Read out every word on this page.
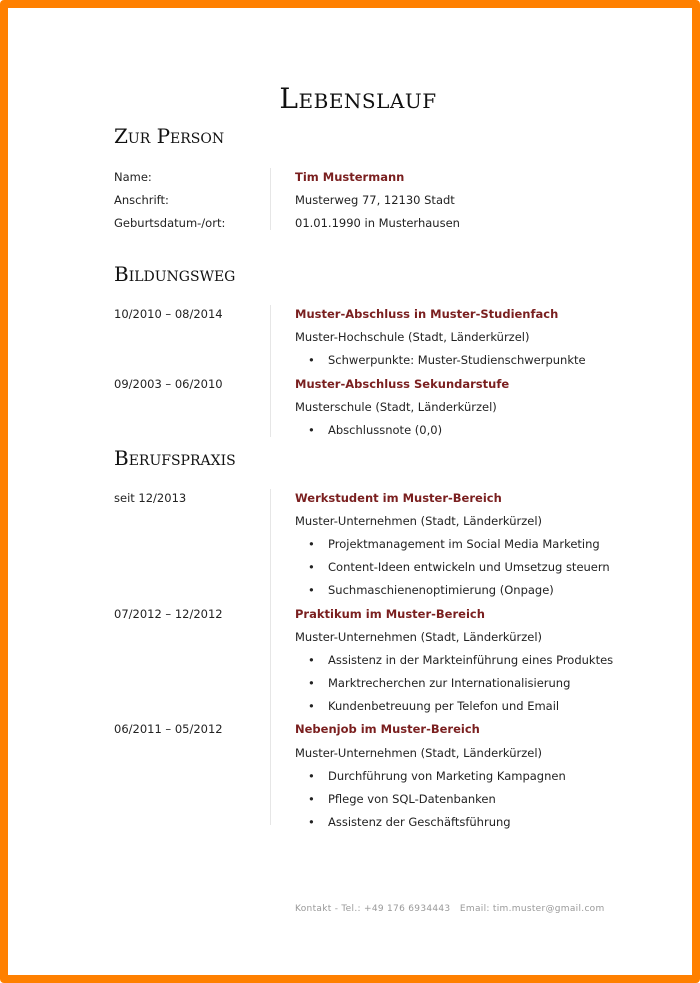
Lebenslauf
Zur Person
Name:	Tim Mustermann
Anschrift:	Musterweg 77, 12130 Stadt
Geburtsdatum-/ort:	01.01.1990 in Musterhausen
Bildungsweg
10/2010 – 08/2014	Muster-Abschluss in Muster-Studienfach
Muster-Hochschule (Stadt, Länderkürzel)
• Schwerpunkte: Muster-Studienschwerpunkte
09/2003 – 06/2010	Muster-Abschluss Sekundarstufe
Musterschule (Stadt, Länderkürzel)
• Abschlussnote (0,0)
Berufspraxis
seit 12/2013	Werkstudent im Muster-Bereich
Muster-Unternehmen (Stadt, Länderkürzel)
• Projektmanagement im Social Media Marketing
• Content-Ideen entwickeln und Umsetzug steuern
• Suchmaschienenoptimierung (Onpage)
07/2012 – 12/2012	Praktikum im Muster-Bereich
Muster-Unternehmen (Stadt, Länderkürzel)
• Assistenz in der Markteinführung eines Produktes
• Marktrecherchen zur Internationalisierung
• Kundenbetreuung per Telefon und Email
06/2011 – 05/2012	Nebenjob im Muster-Bereich
Muster-Unternehmen (Stadt, Länderkürzel)
• Durchführung von Marketing Kampagnen
• Pflege von SQL-Datenbanken
• Assistenz der Geschäftsführung
Kontakt - Tel.: +49 176 6934443   Email: tim.muster@gmail.com
